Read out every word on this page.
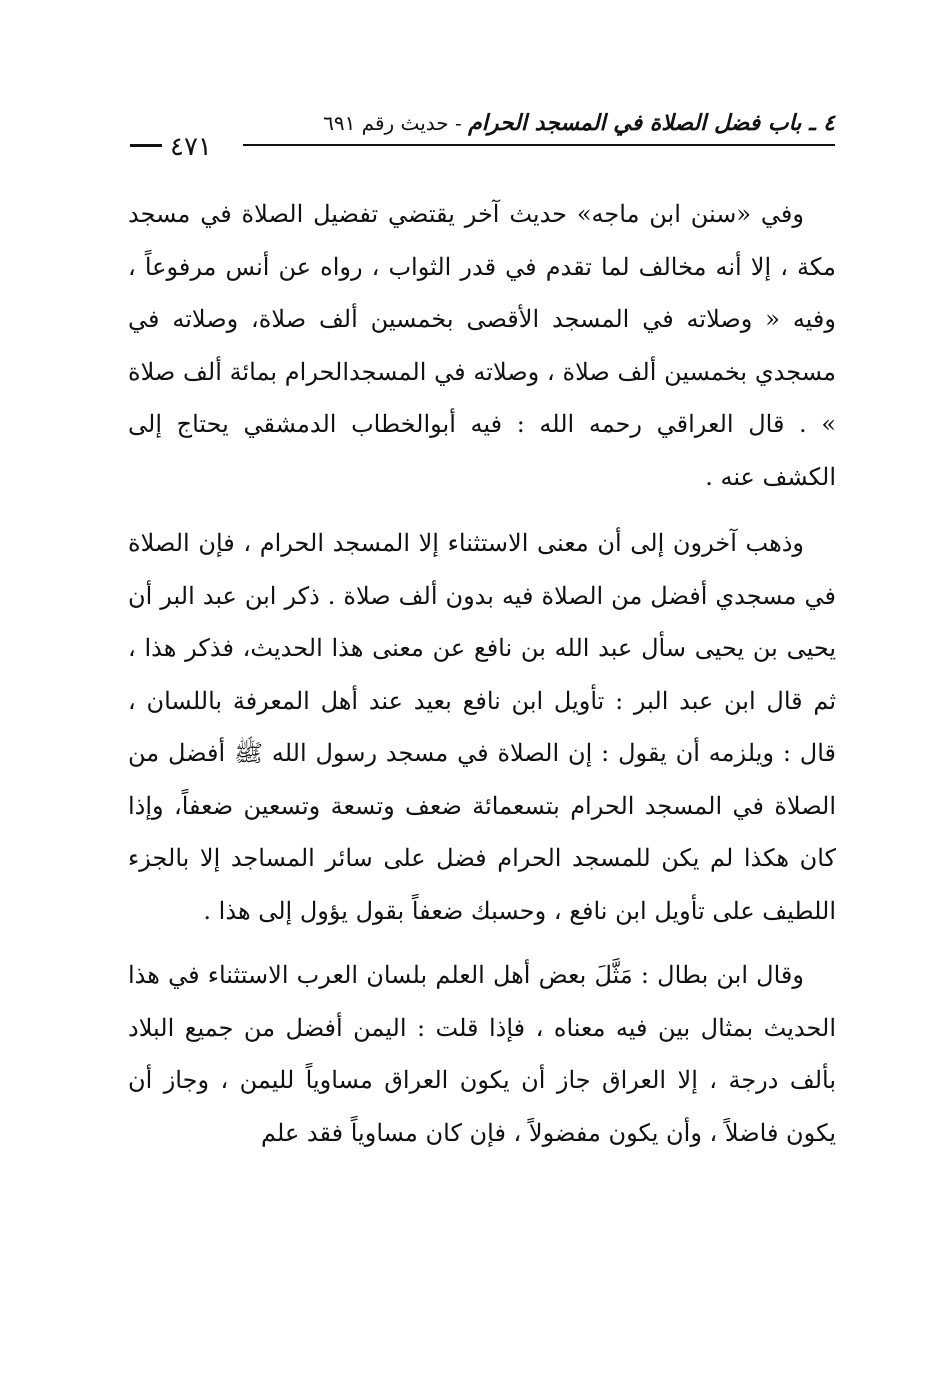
٤ ـ باب فضل الصلاة في المسجد الحرام - حديث رقم ٦٩١
٤٧١

وفي «سنن ابن ماجه» حديث آخر يقتضي تفضيل الصلاة في مسجد مكة ، إلا أنه مخالف لما تقدم في قدر الثواب ، رواه عن أنس مرفوعاً ، وفيه « وصلاته في المسجد الأقصى بخمسين ألف صلاة، وصلاته في مسجدي بخمسين ألف صلاة ، وصلاته في المسجدالحرام بمائة ألف صلاة » . قال العراقي رحمه الله : فيه أبوالخطاب الدمشقي يحتاج إلى الكشف عنه .

وذهب آخرون إلى أن معنى الاستثناء إلا المسجد الحرام ، فإن الصلاة في مسجدي أفضل من الصلاة فيه بدون ألف صلاة . ذكر ابن عبد البر أن يحيى بن يحيى سأل عبد الله بن نافع عن معنى هذا الحديث، فذكر هذا ، ثم قال ابن عبد البر : تأويل ابن نافع بعيد عند أهل المعرفة باللسان ، قال : ويلزمه أن يقول : إن الصلاة في مسجد رسول الله ﷺ أفضل من الصلاة في المسجد الحرام بتسعمائة ضعف وتسعة وتسعين ضعفاً، وإذا كان هكذا لم يكن للمسجد الحرام فضل على سائر المساجد إلا بالجزء اللطيف على تأويل ابن نافع ، وحسبك ضعفاً بقول يؤول إلى هذا .

وقال ابن بطال : مَثَّلَ بعض أهل العلم بلسان العرب الاستثناء في هذا الحديث بمثال بين فيه معناه ، فإذا قلت : اليمن أفضل من جميع البلاد بألف درجة ، إلا العراق جاز أن يكون العراق مساوياً لليمن ، وجاز أن يكون فاضلاً ، وأن يكون مفضولاً ، فإن كان مساوياً فقد علم
